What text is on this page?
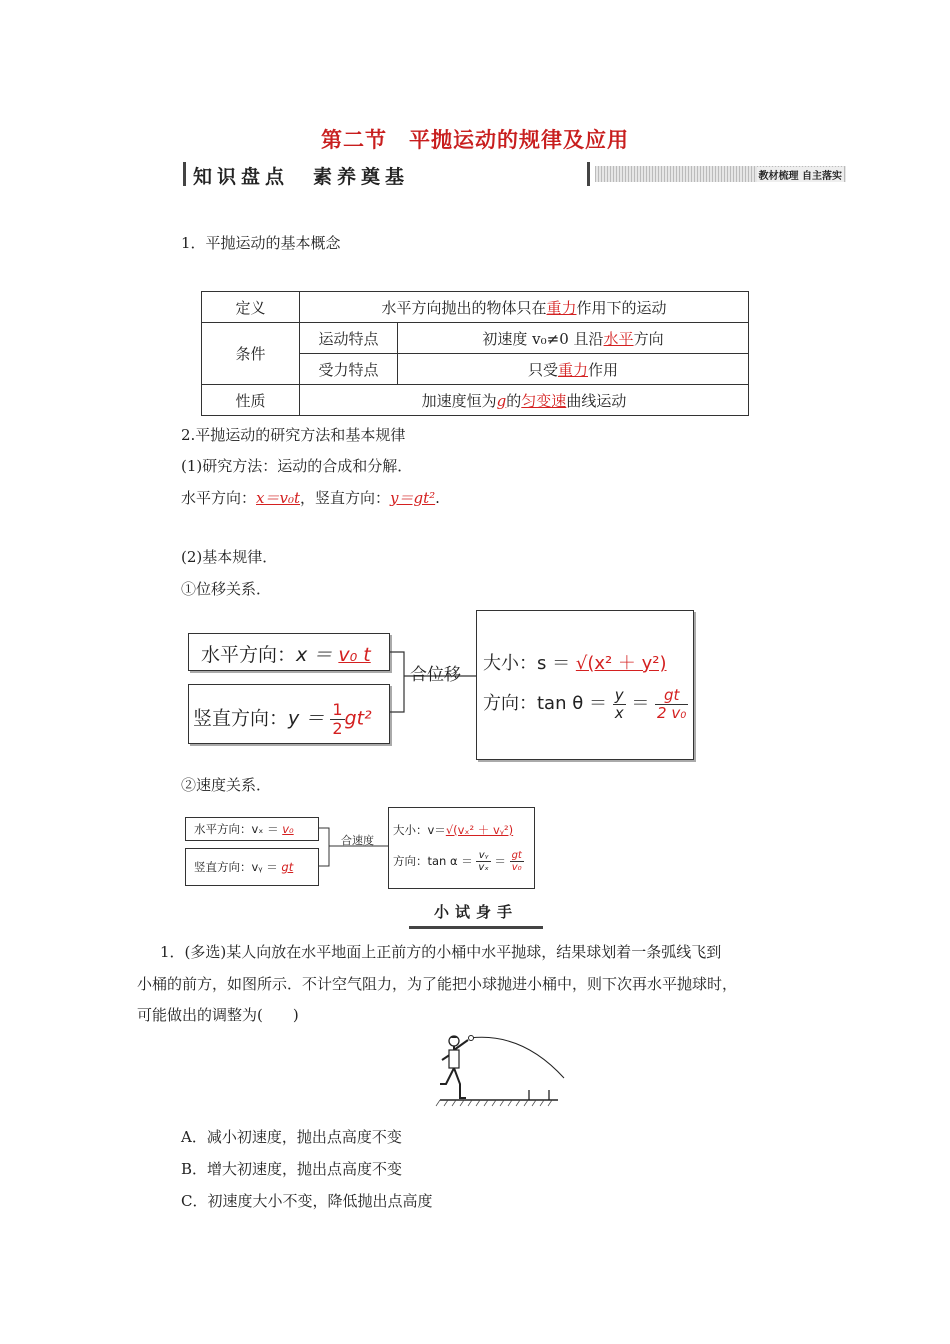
第二节　平抛运动的规律及应用
知识盘点　素养奠基	教材梳理 自主落实
1．平抛运动的基本概念
定义	水平方向抛出的物体只在重力作用下的运动	
条件	运动特点	初速度 v₀≠0 且沿水平方向
	受力特点	只受重力作用
性质	加速度恒为g的匀变速曲线运动	
2.平抛运动的研究方法和基本规律
(1)研究方法：运动的合成和分解．
水平方向：x＝v₀t，竖直方向：y＝gt².
(2)基本规律．
①位移关系．
水平方向：x ＝ v₀ t
竖直方向：$y = \frac{1}{2} gt^2$
合位移
大小：s ＝ √(x² ＋ y²)
方向：$\tan \theta = \frac{y}{x} = \frac{gt}{\text{2 v₀}}$
②速度关系．
水平方向：vₓ ＝ v₀
竖直方向：vᵧ ＝ gt
合速度
大小：v＝√(vₓ² ＋ vᵧ²)
方向：$\tan \alpha = \frac{\text{vᵧ}}{\text{vₓ}} = \frac{gt}{\text{v₀}}$
小试身手
1．(多选)某人向放在水平地面上正前方的小桶中水平抛球，结果球划着一条弧线飞到
小桶的前方，如图所示．不计空气阻力，为了能把小球抛进小桶中，则下次再水平抛球时，
可能做出的调整为(　　)
A．减小初速度，抛出点高度不变
B．增大初速度，抛出点高度不变
C．初速度大小不变，降低抛出点高度
